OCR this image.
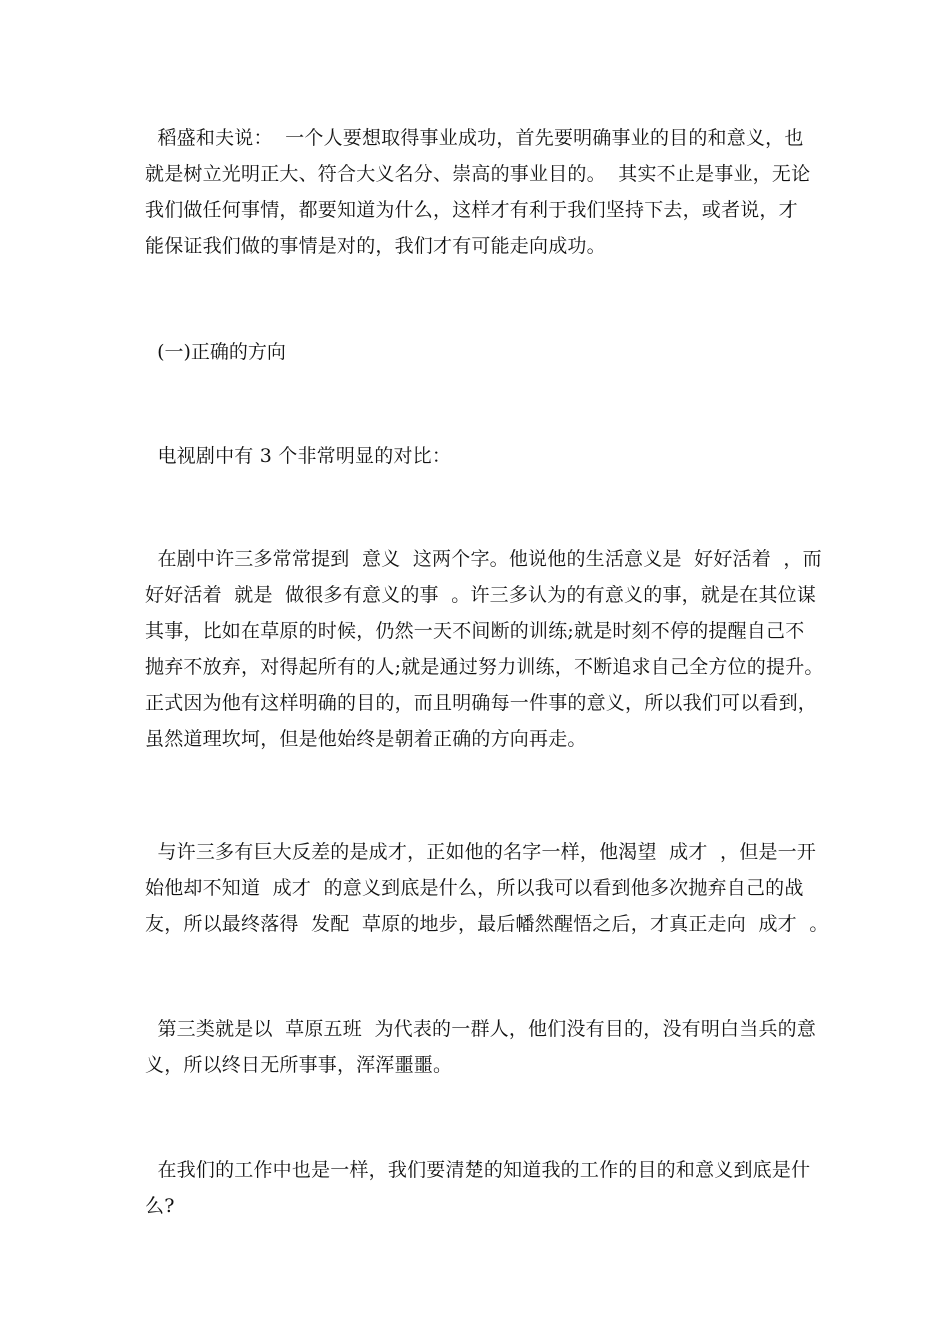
稻盛和夫说：  一个人要想取得事业成功，首先要明确事业的目的和意义，也
就是树立光明正大、符合大义名分、崇高的事业目的。  其实不止是事业，无论
我们做任何事情，都要知道为什么，这样才有利于我们坚持下去，或者说，才
能保证我们做的事情是对的，我们才有可能走向成功。
(一)正确的方向
电视剧中有 3 个非常明显的对比：
在剧中许三多常常提到  意义  这两个字。他说他的生活意义是  好好活着  ，而
好好活着  就是  做很多有意义的事  。许三多认为的有意义的事，就是在其位谋
其事，比如在草原的时候，仍然一天不间断的训练;就是时刻不停的提醒自己不
抛弃不放弃，对得起所有的人;就是通过努力训练，不断追求自己全方位的提升。
正式因为他有这样明确的目的，而且明确每一件事的意义，所以我们可以看到，
虽然道理坎坷，但是他始终是朝着正确的方向再走。
与许三多有巨大反差的是成才，正如他的名字一样，他渴望  成才  ，但是一开
始他却不知道  成才  的意义到底是什么，所以我可以看到他多次抛弃自己的战
友，所以最终落得  发配  草原的地步，最后幡然醒悟之后，才真正走向  成才  。
第三类就是以  草原五班  为代表的一群人，他们没有目的，没有明白当兵的意
义，所以终日无所事事，浑浑噩噩。
在我们的工作中也是一样，我们要清楚的知道我的工作的目的和意义到底是什
么?
